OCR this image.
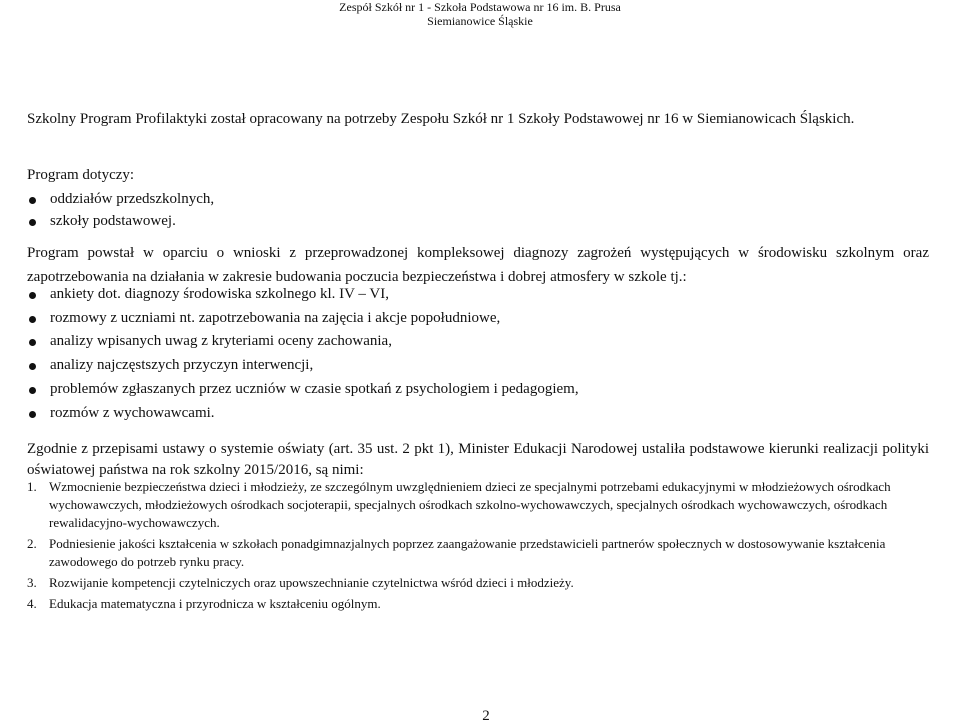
Zespół Szkół nr 1 - Szkoła Podstawowa nr 16 im. B. Prusa
Siemianowice Śląskie
Szkolny Program Profilaktyki został opracowany na potrzeby Zespołu Szkół nr 1 Szkoły Podstawowej nr 16 w Siemianowicach Śląskich.
Program dotyczy:
oddziałów przedszkolnych,
szkoły podstawowej.
Program powstał w oparciu o wnioski z przeprowadzonej kompleksowej diagnozy zagrożeń występujących w środowisku szkolnym oraz zapotrzebowania na działania w zakresie budowania poczucia bezpieczeństwa i dobrej atmosfery w szkole tj.:
ankiety dot. diagnozy środowiska szkolnego kl. IV – VI,
rozmowy z uczniami nt. zapotrzebowania na zajęcia i akcje popołudniowe,
analizy wpisanych uwag z kryteriami oceny zachowania,
analizy najczęstszych przyczyn interwencji,
problemów zgłaszanych przez uczniów w czasie spotkań z psychologiem i pedagogiem,
rozmów z wychowawcami.
Zgodnie z przepisami ustawy o systemie oświaty (art. 35 ust. 2 pkt 1), Minister Edukacji Narodowej ustaliła podstawowe kierunki realizacji polityki oświatowej państwa na rok szkolny 2015/2016, są nimi:
1. Wzmocnienie bezpieczeństwa dzieci i młodzieży, ze szczególnym uwzględnieniem dzieci ze specjalnymi potrzebami edukacyjnymi w młodzieżowych ośrodkach wychowawczych, młodzieżowych ośrodkach socjoterapii, specjalnych ośrodkach szkolno-wychowawczych, specjalnych ośrodkach wychowawczych, ośrodkach rewalidacyjno-wychowawczych.
2. Podniesienie jakości kształcenia w szkołach ponadgimnazjalnych poprzez zaangażowanie przedstawicieli partnerów społecznych w dostosowywanie kształcenia zawodowego do potrzeb rynku pracy.
3. Rozwijanie kompetencji czytelniczych oraz upowszechnianie czytelnictwa wśród dzieci i młodzieży.
4. Edukacja matematyczna i przyrodnicza w kształceniu ogólnym.
2
